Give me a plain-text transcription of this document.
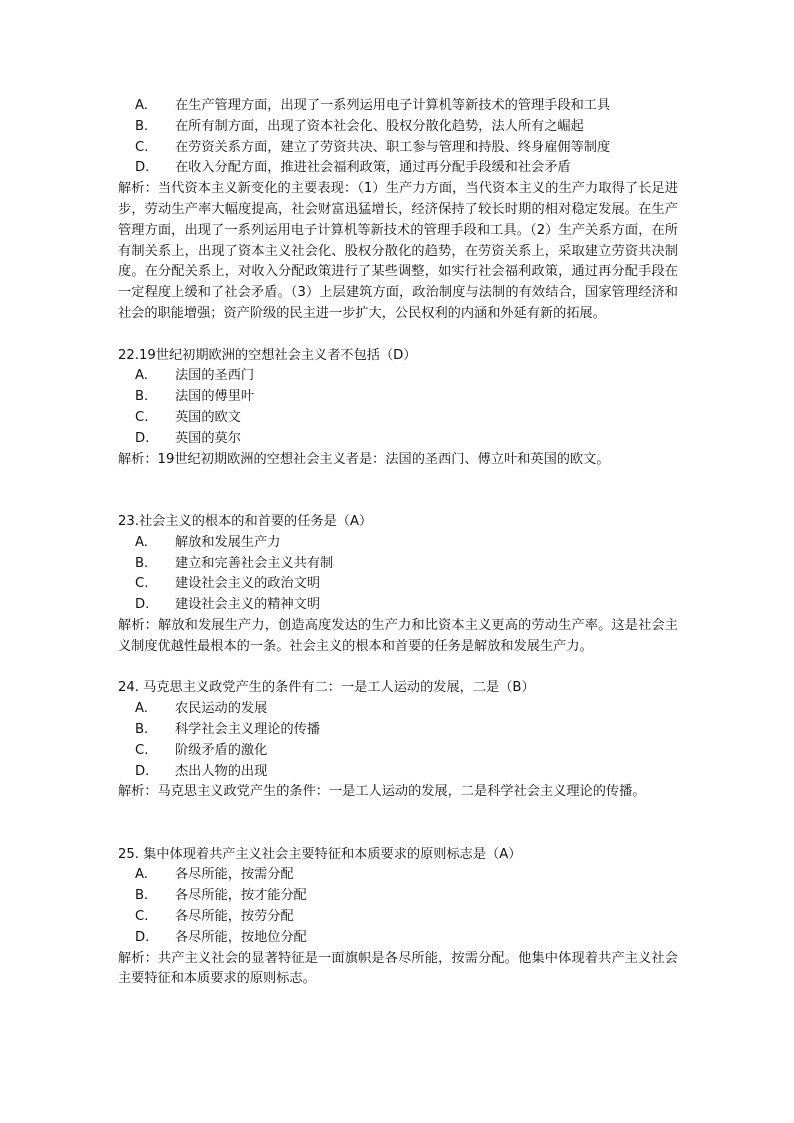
A.	在生产管理方面，出现了一系列运用电子计算机等新技术的管理手段和工具
B.	在所有制方面，出现了资本社会化、股权分散化趋势，法人所有之崛起
C.	在劳资关系方面，建立了劳资共决、职工参与管理和持股、终身雇佣等制度
D.	在收入分配方面，推进社会福利政策，通过再分配手段缓和社会矛盾
解析：当代资本主义新变化的主要表现：（1）生产力方面，当代资本主义的生产力取得了长足进步，劳动生产率大幅度提高，社会财富迅猛增长，经济保持了较长时期的相对稳定发展。在生产管理方面，出现了一系列运用电子计算机等新技术的管理手段和工具。（2）生产关系方面，在所有制关系上，出现了资本主义社会化、股权分散化的趋势，在劳资关系上，采取建立劳资共决制度。在分配关系上，对收入分配政策进行了某些调整，如实行社会福利政策，通过再分配手段在一定程度上缓和了社会矛盾。（3）上层建筑方面，政治制度与法制的有效结合，国家管理经济和社会的职能增强；资产阶级的民主进一步扩大，公民权利的内涵和外延有新的拓展。
22.19世纪初期欧洲的空想社会主义者不包括（D）
A.	法国的圣西门
B.	法国的傅里叶
C.	英国的欧文
D.	英国的莫尔
解析：19世纪初期欧洲的空想社会主义者是：法国的圣西门、傅立叶和英国的欧文。
23.社会主义的根本的和首要的任务是（A）
A.	解放和发展生产力
B.	建立和完善社会主义共有制
C.	建设社会主义的政治文明
D.	建设社会主义的精神文明
解析：解放和发展生产力，创造高度发达的生产力和比资本主义更高的劳动生产率。这是社会主义制度优越性最根本的一条。社会主义的根本和首要的任务是解放和发展生产力。
24. 马克思主义政党产生的条件有二：一是工人运动的发展，二是（B）
A.	农民运动的发展
B.	科学社会主义理论的传播
C.	阶级矛盾的激化
D.	杰出人物的出现
解析：马克思主义政党产生的条件：一是工人运动的发展，二是科学社会主义理论的传播。
25. 集中体现着共产主义社会主要特征和本质要求的原则标志是（A）
A.	各尽所能，按需分配
B.	各尽所能，按才能分配
C.	各尽所能，按劳分配
D.	各尽所能，按地位分配
解析：共产主义社会的显著特征是一面旗帜是各尽所能，按需分配。他集中体现着共产主义社会主要特征和本质要求的原则标志。
